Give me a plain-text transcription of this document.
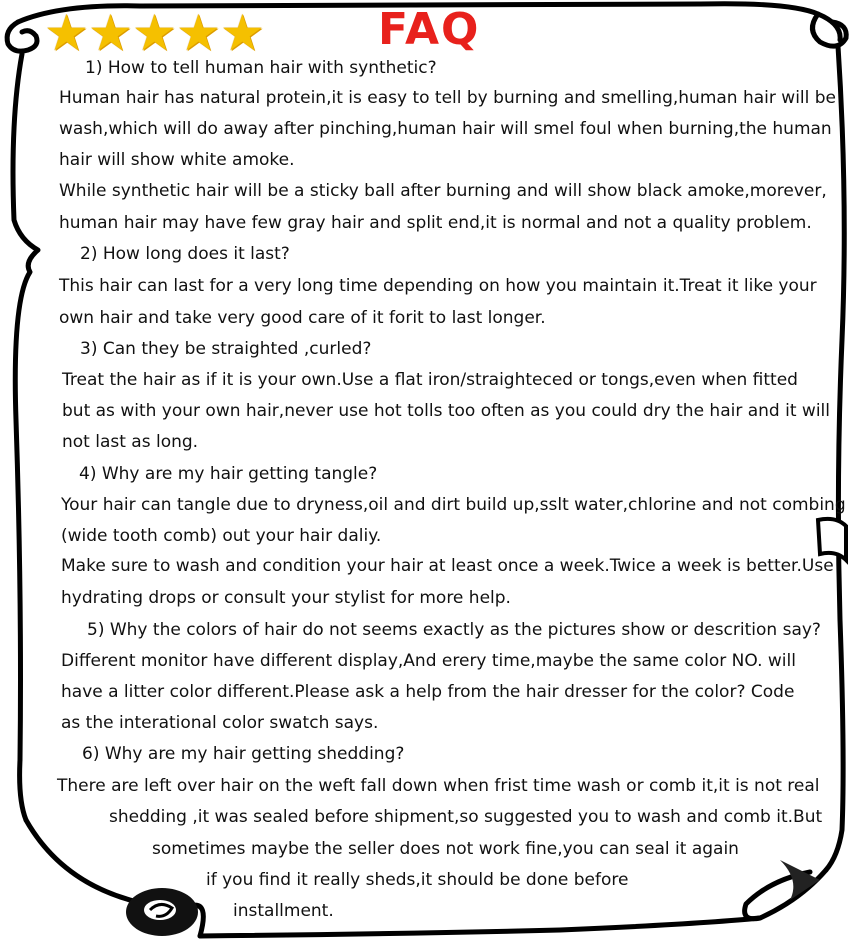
★ ★ ★ ★ ★	FAQ
1) How to tell human hair with synthetic?
Human hair has natural protein,it is easy to tell by burning and smelling,human hair will be
wash,which will do away after pinching,human hair will smel foul when burning,the human
hair will show white amoke.
While synthetic hair will be a sticky ball after burning and will show black amoke,morever,
human hair may have few gray hair and split end,it is normal and not a quality problem.
2) How long does it last?
This hair can last for a very long time depending on how you maintain it.Treat it like your
own hair and take very good care of it forit to last longer.
3) Can they be straighted ,curled?
Treat the hair as if it is your own.Use a flat iron/straighteced or tongs,even when fitted
but as with your own hair,never use hot tolls too often as you could dry the hair and it will
not last as long.
4) Why are my hair getting tangle?
Your hair can tangle due to dryness,oil and dirt build up,sslt water,chlorine and not combing
(wide tooth comb) out your hair daliy.
Make sure to wash and condition your hair at least once a week.Twice a week is better.Use
hydrating drops or consult your stylist for more help.
5) Why the colors of hair do not seems exactly as the pictures show or descrition say?
Different monitor have different display,And erery time,maybe the same color NO. will
have a litter color different.Please ask a help from the hair dresser for the color? Code
as the interational color swatch says.
6) Why are my hair getting shedding?
There are left over hair on the weft fall down when frist time wash or comb it,it is not real
shedding ,it was sealed before shipment,so suggested you to wash and comb it.But
sometimes maybe the seller does not work fine,you can seal it again
if you find it really sheds,it should be done before
installment.
